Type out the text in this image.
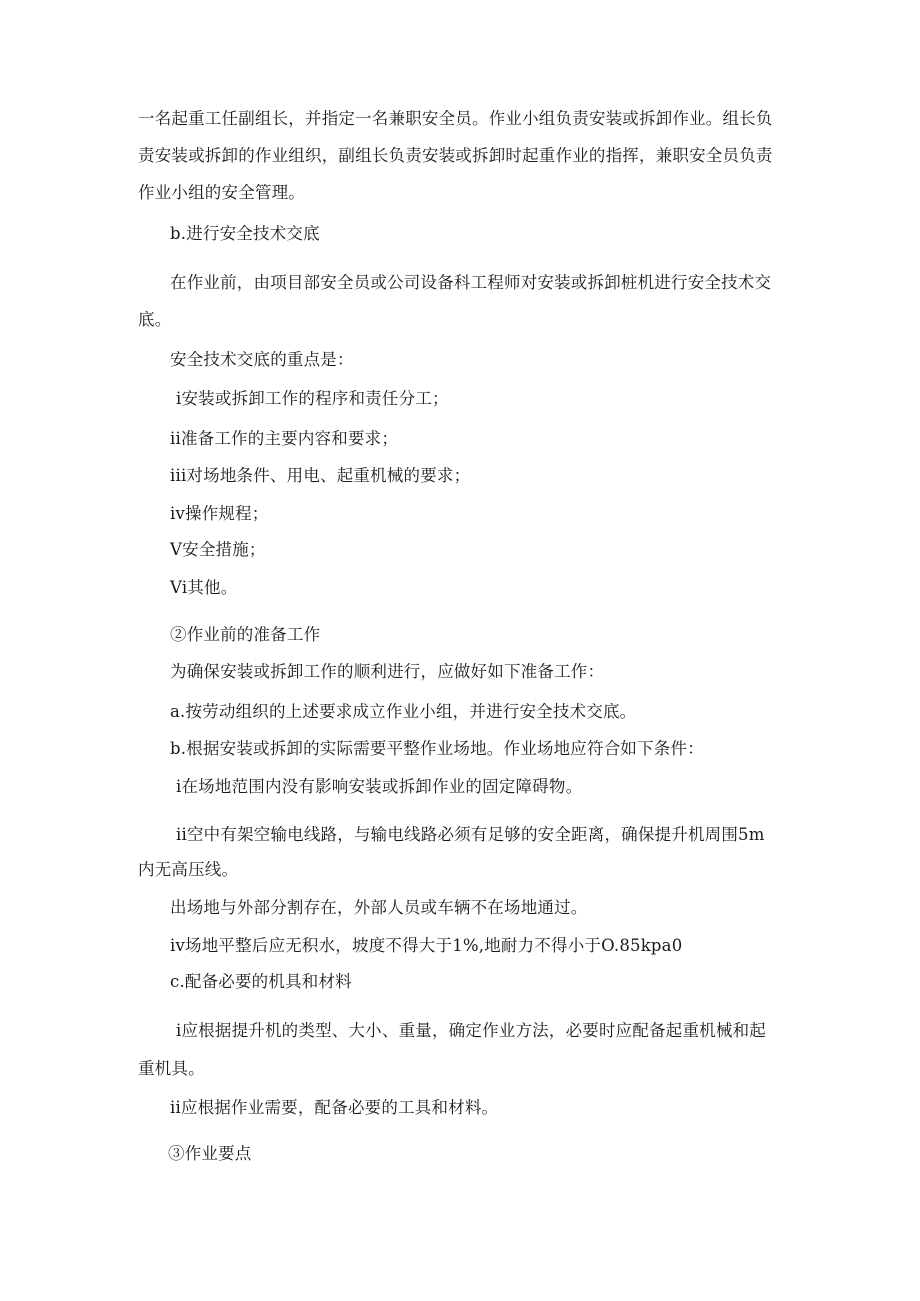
一名起重工任副组长，并指定一名兼职安全员。作业小组负责安装或拆卸作业。组长负
责安装或拆卸的作业组织，副组长负责安装或拆卸时起重作业的指挥，兼职安全员负责
作业小组的安全管理。
b.进行安全技术交底
在作业前，由项目部安全员或公司设备科工程师对安装或拆卸桩机进行安全技术交
底。
安全技术交底的重点是：
i安装或拆卸工作的程序和责任分工；
ii准备工作的主要内容和要求；
iii对场地条件、用电、起重机械的要求；
iv操作规程；
V安全措施；
Vi其他。
②作业前的准备工作
为确保安装或拆卸工作的顺利进行，应做好如下准备工作：
a.按劳动组织的上述要求成立作业小组，并进行安全技术交底。
b.根据安装或拆卸的实际需要平整作业场地。作业场地应符合如下条件：
i在场地范围内没有影响安装或拆卸作业的固定障碍物。
ii空中有架空输电线路，与输电线路必须有足够的安全距离，确保提升机周围5m
内无高压线。
出场地与外部分割存在，外部人员或车辆不在场地通过。
iv场地平整后应无积水，坡度不得大于1%,地耐力不得小于O.85kpa0
c.配备必要的机具和材料
i应根据提升机的类型、大小、重量，确定作业方法，必要时应配备起重机械和起
重机具。
ii应根据作业需要，配备必要的工具和材料。
③作业要点
